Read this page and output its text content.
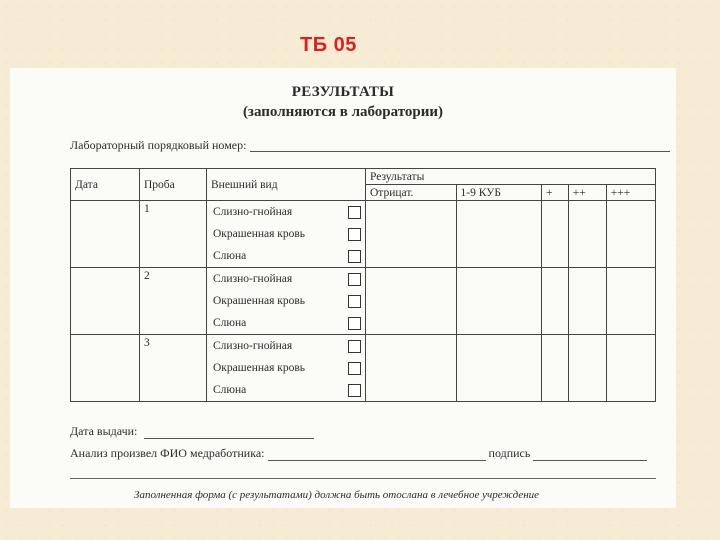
ТБ 05
РЕЗУЛЬТАТЫ
(заполняются в лаборатории)
Лабораторный порядковый номер:
Дата	Проба	Внешний вид	Результаты				
			Отрицат.	1-9 КУБ	+	++	+++
	1	Слизно-гнойная
Окрашенная кровь
Слюна					

	2	Слизно-гнойная
Окрашенная кровь
Слюна					

	3	Слизно-гнойная
Окрашенная кровь
Слюна					

Дата выдачи:
Анализ произвел ФИО медработника:	подпись
Заполненная форма (с результатами) должна быть отослана в лечебное учреждение
